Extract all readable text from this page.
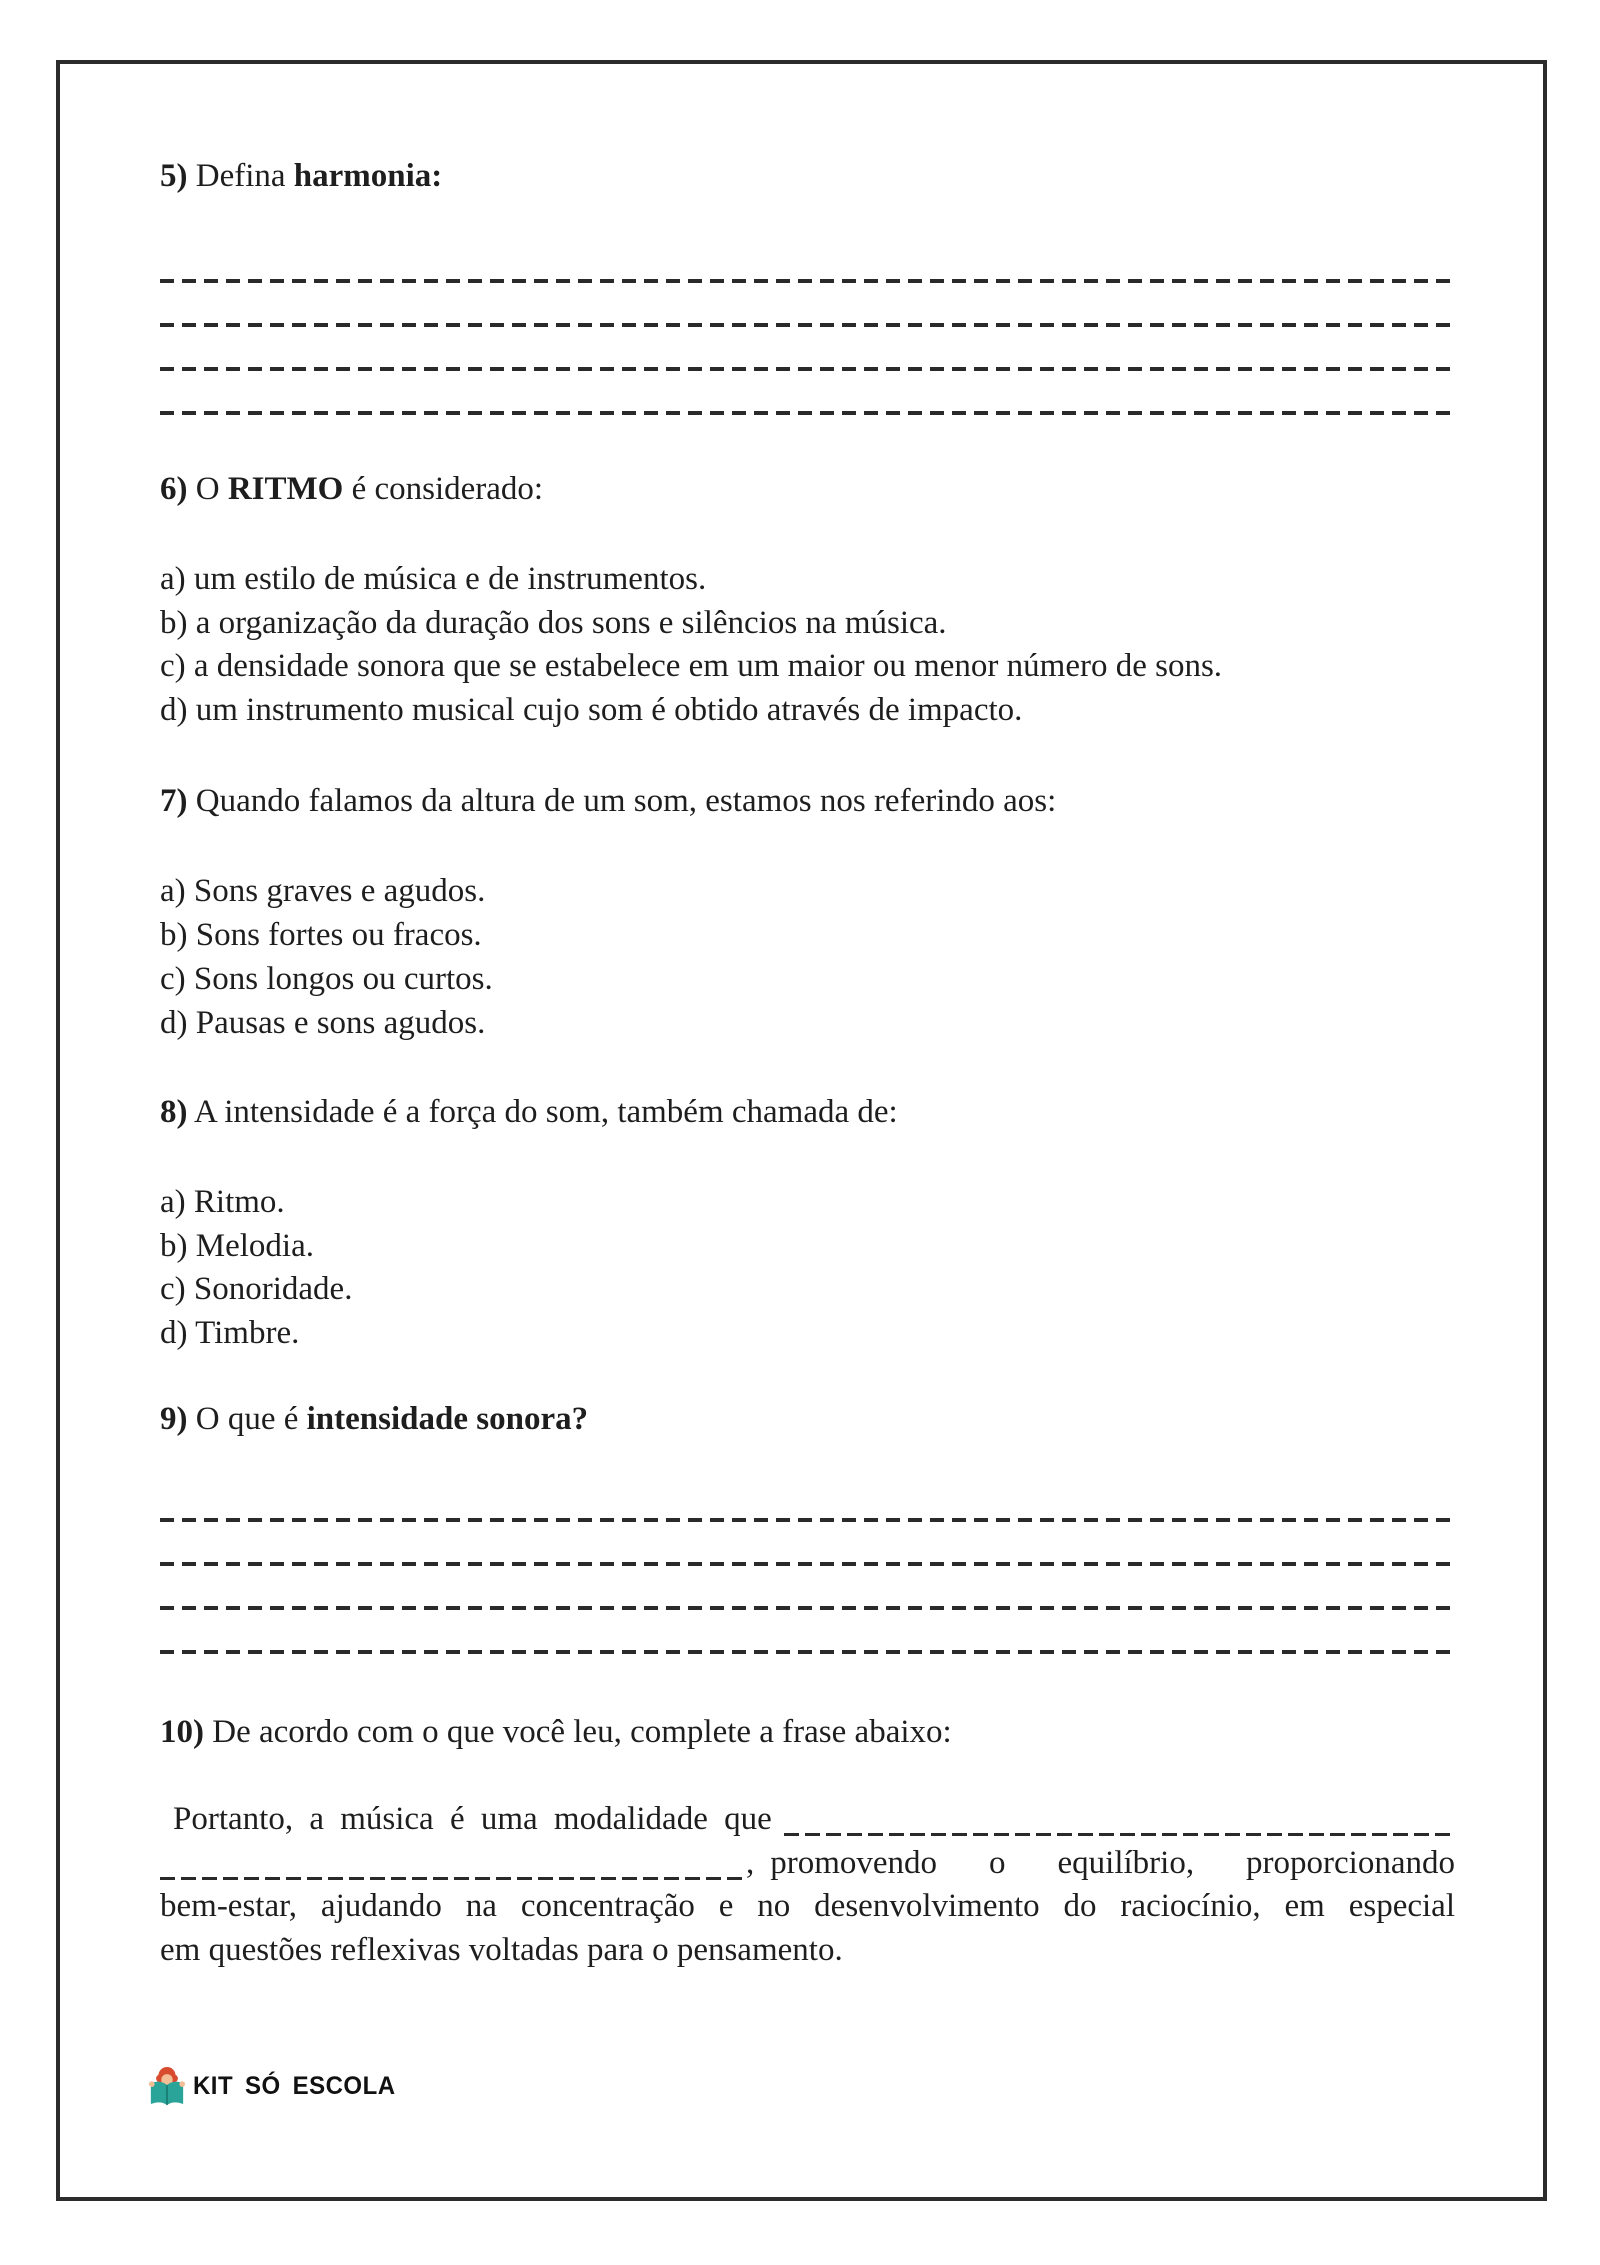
5) Defina harmonia:
6) O RITMO é considerado:
a) um estilo de música e de instrumentos.
b) a organização da duração dos sons e silêncios na música.
c) a densidade sonora que se estabelece em um maior ou menor número de sons.
d) um instrumento musical cujo som é obtido através de impacto.
7) Quando falamos da altura de um som, estamos nos referindo aos:
a) Sons graves e agudos.
b) Sons fortes ou fracos.
c) Sons longos ou curtos.
d) Pausas e sons agudos.
8) A intensidade é a força do som, também chamada de:
a) Ritmo.
b) Melodia.
c) Sonoridade.
d) Timbre.
9) O que é intensidade sonora?
10) De acordo com o que você leu, complete a frase abaixo:
Portanto, a música é uma modalidade que
, promovendo o equilíbrio, proporcionando
bem-estar, ajudando na concentração e no desenvolvimento do raciocínio, em especial
em questões reflexivas voltadas para o pensamento.
KIT SÓ ESCOLA
